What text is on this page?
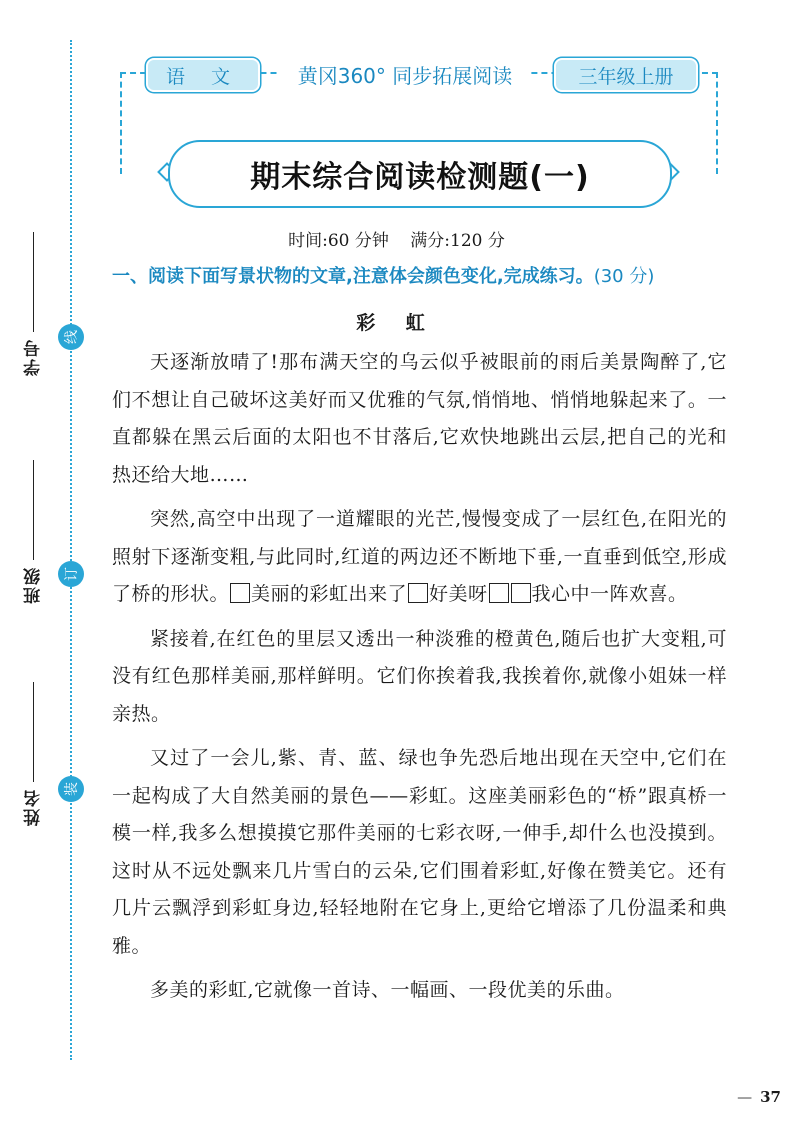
线
订
装
学号
班级
姓名
语 文	黄冈360° 同步拓展阅读	三年级上册
期末综合阅读检测题(一)
时间:60 分钟 满分:120 分
一、阅读下面写景状物的文章,注意体会颜色变化,完成练习。(30 分)
彩 虹

天逐渐放晴了!那布满天空的乌云似乎被眼前的雨后美景陶醉了,它们不想让自己破坏这美好而又优雅的气氛,悄悄地、悄悄地躲起来了。一直都躲在黑云后面的太阳也不甘落后,它欢快地跳出云层,把自己的光和热还给大地……

突然,高空中出现了一道耀眼的光芒,慢慢变成了一层红色,在阳光的照射下逐渐变粗,与此同时,红道的两边还不断地下垂,一直垂到低空,形成了桥的形状。 美丽的彩虹出来了 好美呀 我心中一阵欢喜。

紧接着,在红色的里层又透出一种淡雅的橙黄色,随后也扩大变粗,可没有红色那样美丽,那样鲜明。它们你挨着我,我挨着你,就像小姐妹一样亲热。

又过了一会儿,紫、青、蓝、绿也争先恐后地出现在天空中,它们在一起构成了大自然美丽的景色——彩虹。这座美丽彩色的“桥”跟真桥一模一样,我多么想摸摸它那件美丽的七彩衣呀,一伸手,却什么也没摸到。这时从不远处飘来几片雪白的云朵,它们围着彩虹,好像在赞美它。还有几片云飘浮到彩虹身边,轻轻地附在它身上,更给它增添了几份温柔和典雅。

多美的彩虹,它就像一首诗、一幅画、一段优美的乐曲。

— 37
